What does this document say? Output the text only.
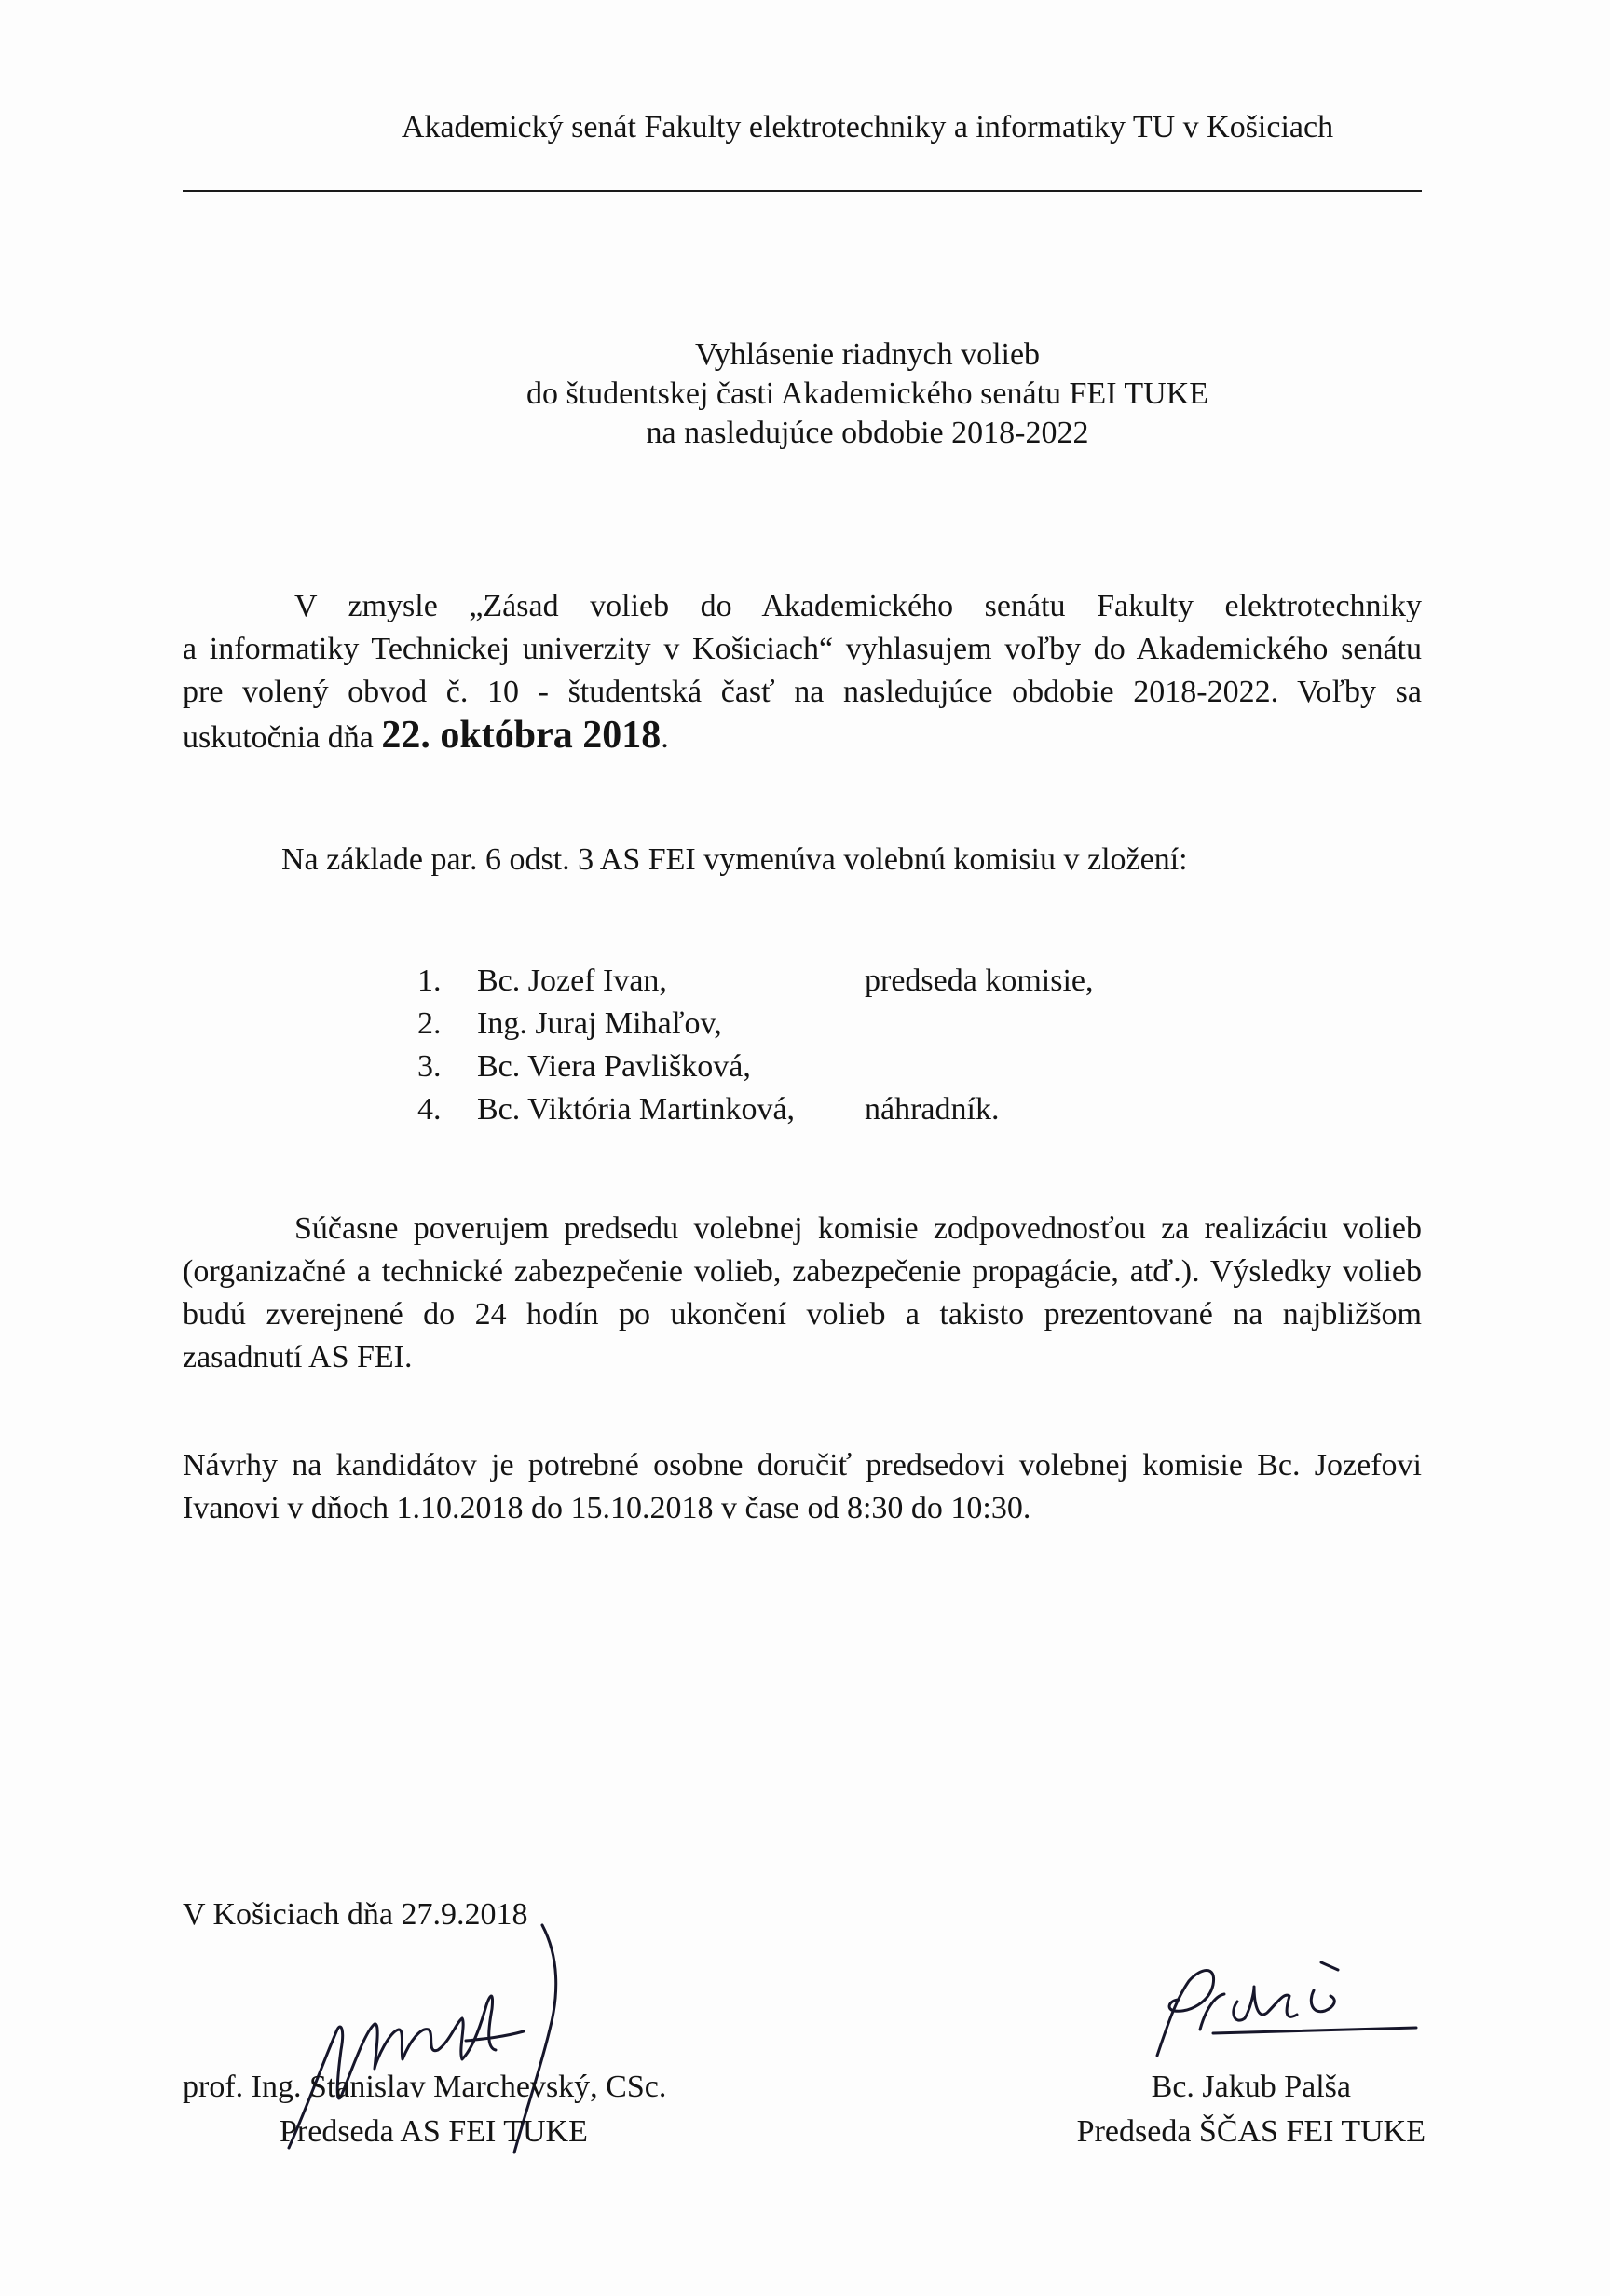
Akademický senát Fakulty elektrotechniky a informatiky TU v Košiciach
Vyhlásenie riadnych volieb
do študentskej časti Akademického senátu FEI TUKE
na nasledujúce obdobie 2018-2022
V zmysle „Zásad volieb do Akademického senátu Fakulty elektrotechniky
a informatiky Technickej univerzity v Košiciach“ vyhlasujem voľby do Akademického senátu
pre volený obvod č. 10 - študentská časť na nasledujúce obdobie 2018-2022. Voľby sa
uskutočnia dňa 22. októbra 2018.
Na základe par. 6 odst. 3 AS FEI vymenúva volebnú komisiu v zložení:
1. Bc. Jozef Ivan,	predseda komisie,
2. Ing. Juraj Mihaľov,
3. Bc. Viera Pavlišková,
4. Bc. Viktória Martinková, náhradník.
Súčasne poverujem predsedu volebnej komisie zodpovednosťou za realizáciu volieb
(organizačné a technické zabezpečenie volieb, zabezpečenie propagácie, atď.). Výsledky volieb
budú zverejnené do 24 hodín po ukončení volieb a takisto prezentované na najbližšom
zasadnutí AS FEI.
Návrhy na kandidátov je potrebné osobne doručiť predsedovi volebnej komisie Bc. Jozefovi
Ivanovi v dňoch 1.10.2018 do 15.10.2018 v čase od 8:30 do 10:30.
V Košiciach dňa 27.9.2018
prof. Ing. Stanislav Marchevský, CSc.
Predseda AS FEI TUKE
Bc. Jakub Palša
Predseda ŠČAS FEI TUKE
